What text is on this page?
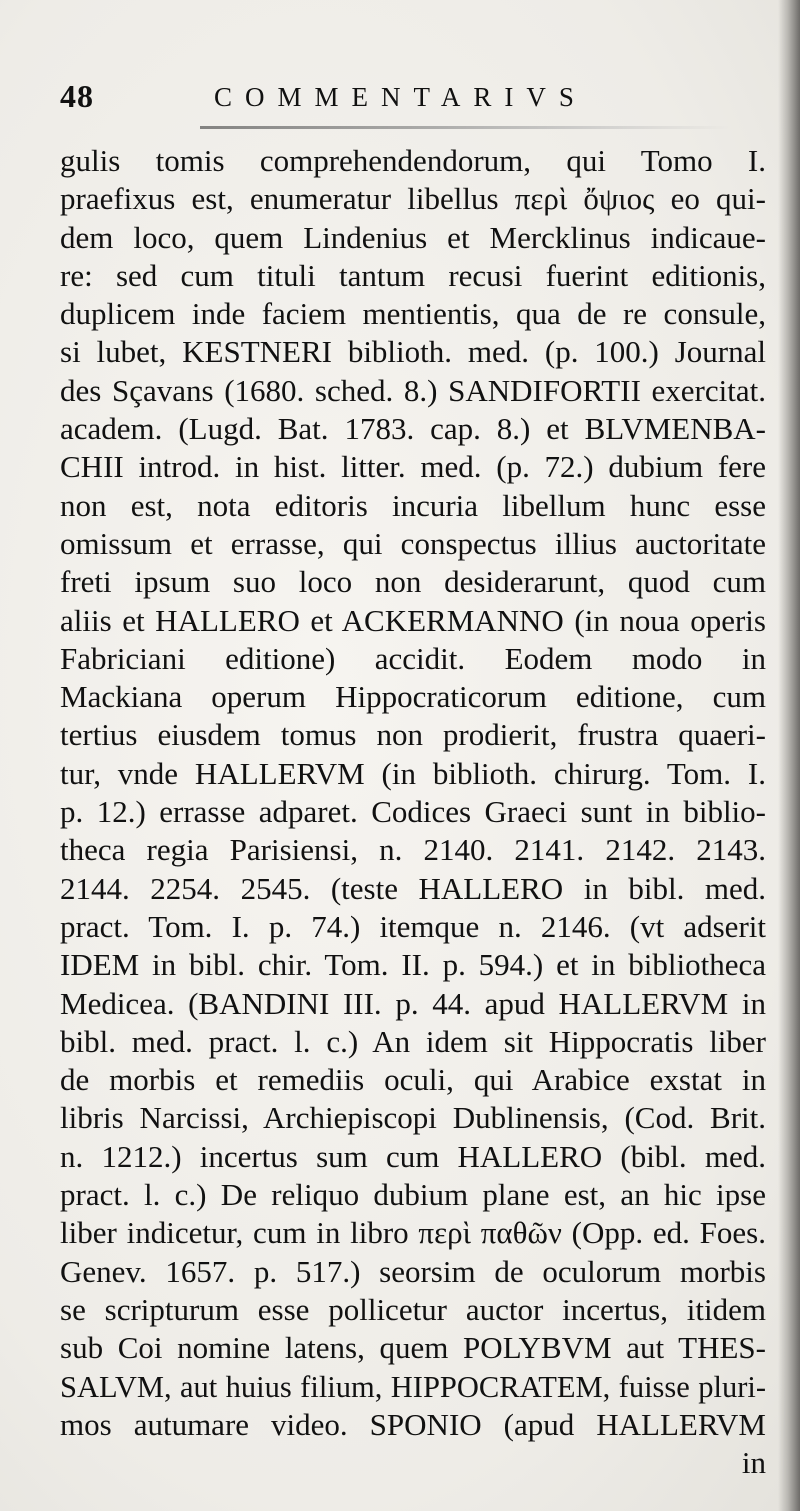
48	COMMENTARIVS
gulis tomis comprehendendorum, qui Tomo I.
praefixus est, enumeratur libellus περὶ ὄψιος eo qui-
dem loco, quem Lindenius et Mercklinus indicaue-
re: sed cum tituli tantum recusi fuerint editionis,
duplicem inde faciem mentientis, qua de re consule,
si lubet, KESTNERI biblioth. med. (p. 100.) Journal
des Sçavans (1680. sched. 8.) SANDIFORTII exercitat.
academ. (Lugd. Bat. 1783. cap. 8.) et BLVMENBA-
CHII introd. in hist. litter. med. (p. 72.) dubium fere
non est, nota editoris incuria libellum hunc esse
omissum et errasse, qui conspectus illius auctoritate
freti ipsum suo loco non desiderarunt, quod cum
aliis et HALLERO et ACKERMANNO (in noua operis
Fabriciani editione) accidit. Eodem modo in
Mackiana operum Hippocraticorum editione, cum
tertius eiusdem tomus non prodierit, frustra quaeri-
tur, vnde HALLERVM (in biblioth. chirurg. Tom. I.
p. 12.) errasse adparet. Codices Graeci sunt in biblio-
theca regia Parisiensi, n. 2140. 2141. 2142. 2143.
2144. 2254. 2545. (teste HALLERO in bibl. med.
pract. Tom. I. p. 74.) itemque n. 2146. (vt adserit
IDEM in bibl. chir. Tom. II. p. 594.) et in bibliotheca
Medicea. (BANDINI III. p. 44. apud HALLERVM in
bibl. med. pract. l. c.) An idem sit Hippocratis liber
de morbis et remediis oculi, qui Arabice exstat in
libris Narcissi, Archiepiscopi Dublinensis, (Cod. Brit.
n. 1212.) incertus sum cum HALLERO (bibl. med.
pract. l. c.) De reliquo dubium plane est, an hic ipse
liber indicetur, cum in libro περὶ παθῶν (Opp. ed. Foes.
Genev. 1657. p. 517.) seorsim de oculorum morbis
se scripturum esse pollicetur auctor incertus, itidem
sub Coi nomine latens, quem POLYBVM aut THES-
SALVM, aut huius filium, HIPPOCRATEM, fuisse pluri-
mos autumare video. SPONIO (apud HALLERVM
in
